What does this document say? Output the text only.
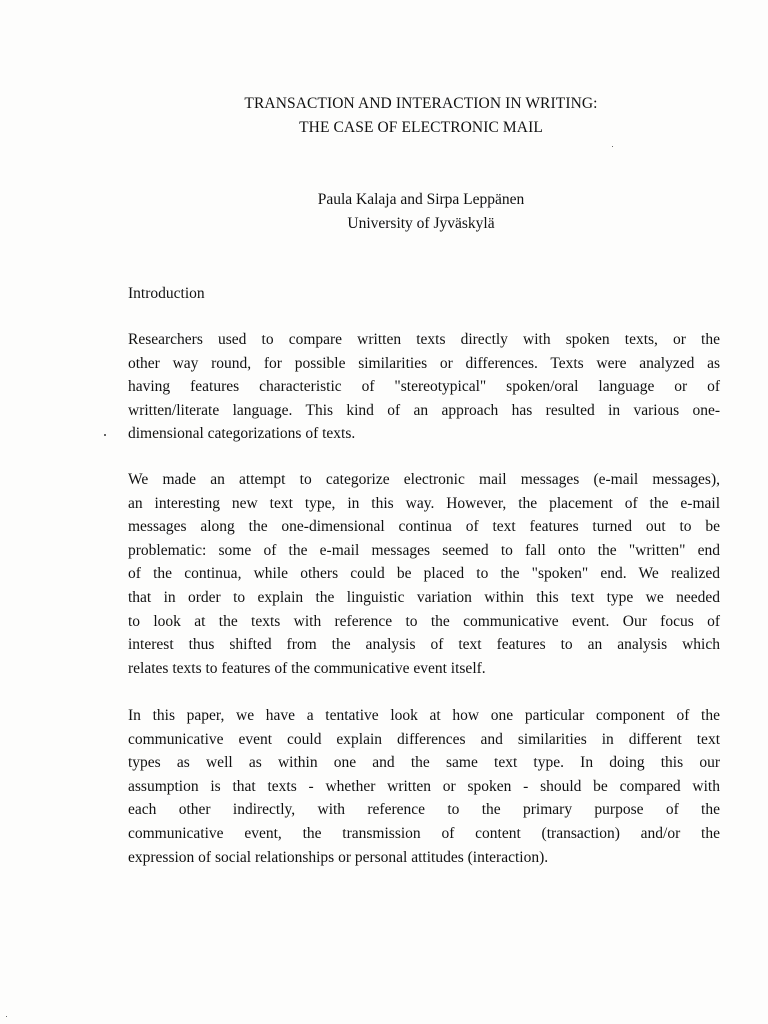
TRANSACTION AND INTERACTION IN WRITING:
THE CASE OF ELECTRONIC MAIL
Paula Kalaja and Sirpa Leppänen
University of Jyväskylä
Introduction
Researchers used to compare written texts directly with spoken texts, or the
other way round, for possible similarities or differences. Texts were analyzed as
having features characteristic of "stereotypical" spoken/oral language or of
written/literate language. This kind of an approach has resulted in various one-
dimensional categorizations of texts.
We made an attempt to categorize electronic mail messages (e-mail messages),
an interesting new text type, in this way. However, the placement of the e-mail
messages along the one-dimensional continua of text features turned out to be
problematic: some of the e-mail messages seemed to fall onto the "written" end
of the continua, while others could be placed to the "spoken" end. We realized
that in order to explain the linguistic variation within this text type we needed
to look at the texts with reference to the communicative event. Our focus of
interest thus shifted from the analysis of text features to an analysis which
relates texts to features of the communicative event itself.
In this paper, we have a tentative look at how one particular component of the
communicative event could explain differences and similarities in different text
types as well as within one and the same text type. In doing this our
assumption is that texts - whether written or spoken - should be compared with
each other indirectly, with reference to the primary purpose of the
communicative event, the transmission of content (transaction) and/or the
expression of social relationships or personal attitudes (interaction).
